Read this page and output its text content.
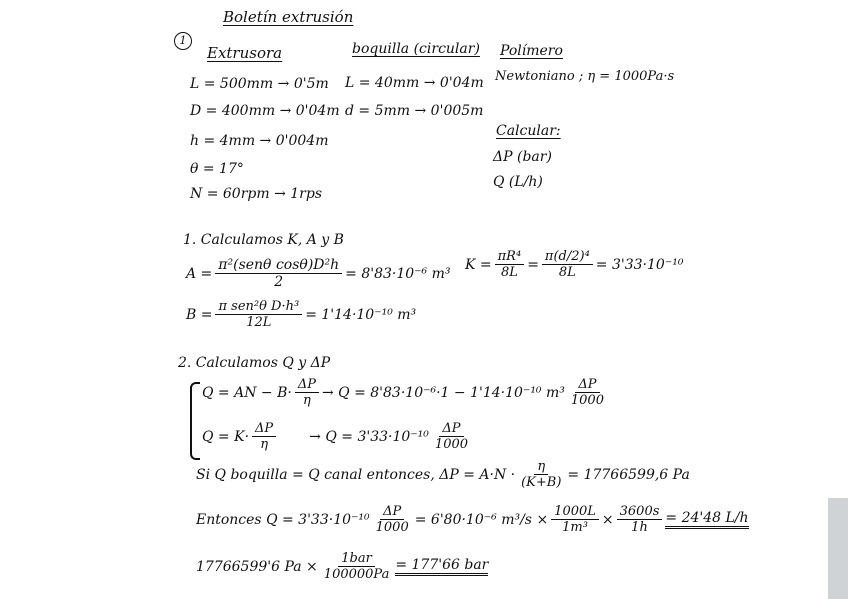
1
Boletín extrusión
Extrusora
L = 500mm → 0'5m
D = 400mm → 0'04m
h = 4mm → 0'004m
θ = 17°
N = 60rpm → 1rps
boquilla (circular)
L = 40mm → 0'04m
d = 5mm → 0'005m
Polímero
Newtoniano ; η = 1000Pa·s
Calcular:
ΔP (bar)
Q (L/h)
1. Calculamos K, A y B
$A = \frac{\text{π²(senθ cosθ)D²h}}{2} = 8'83\cdot 10^{-6}$ m³
$K = \frac{\text{πR⁴}}{8L} = \frac{\text{π(d/2)⁴}}{8L} = 3'33\cdot 10^{-10}$
$B = \frac{\text{π sen²θ D·h³}}{12L} = 1'14\cdot 10^{-10}$ m³
2. Calculamos Q y ΔP
Q = AN − $B\cdot \frac{\Delta P}{\eta} \to Q = 8'83\cdot 10^{-6}\cdot 1 - 1'14\cdot 10^{-10}$ $m^3 \frac{\Delta P}{1000}$
$Q = K\cdot \frac{\Delta P}{\eta} \to Q = 3'33\cdot 10^{-10} \frac{\Delta P}{1000}$
Si Q boquilla = Q canal entonces, $\Delta P = A\cdot N \cdot \frac{\eta}{(K+B)} = 17766599,6$ Pa
Entonces $Q = 3'33\cdot 10^{-10} \frac{\Delta P}{1000} = 6'80\cdot 10^{-6}$ $m^3/s \times \frac{1000L}{\text{1m³}} \times \frac{3600s}{1h} = 24'48$ L/h
17766599'6 $Pa \times \frac{\text{1bar}}{100000Pa} = 177'66$ bar
